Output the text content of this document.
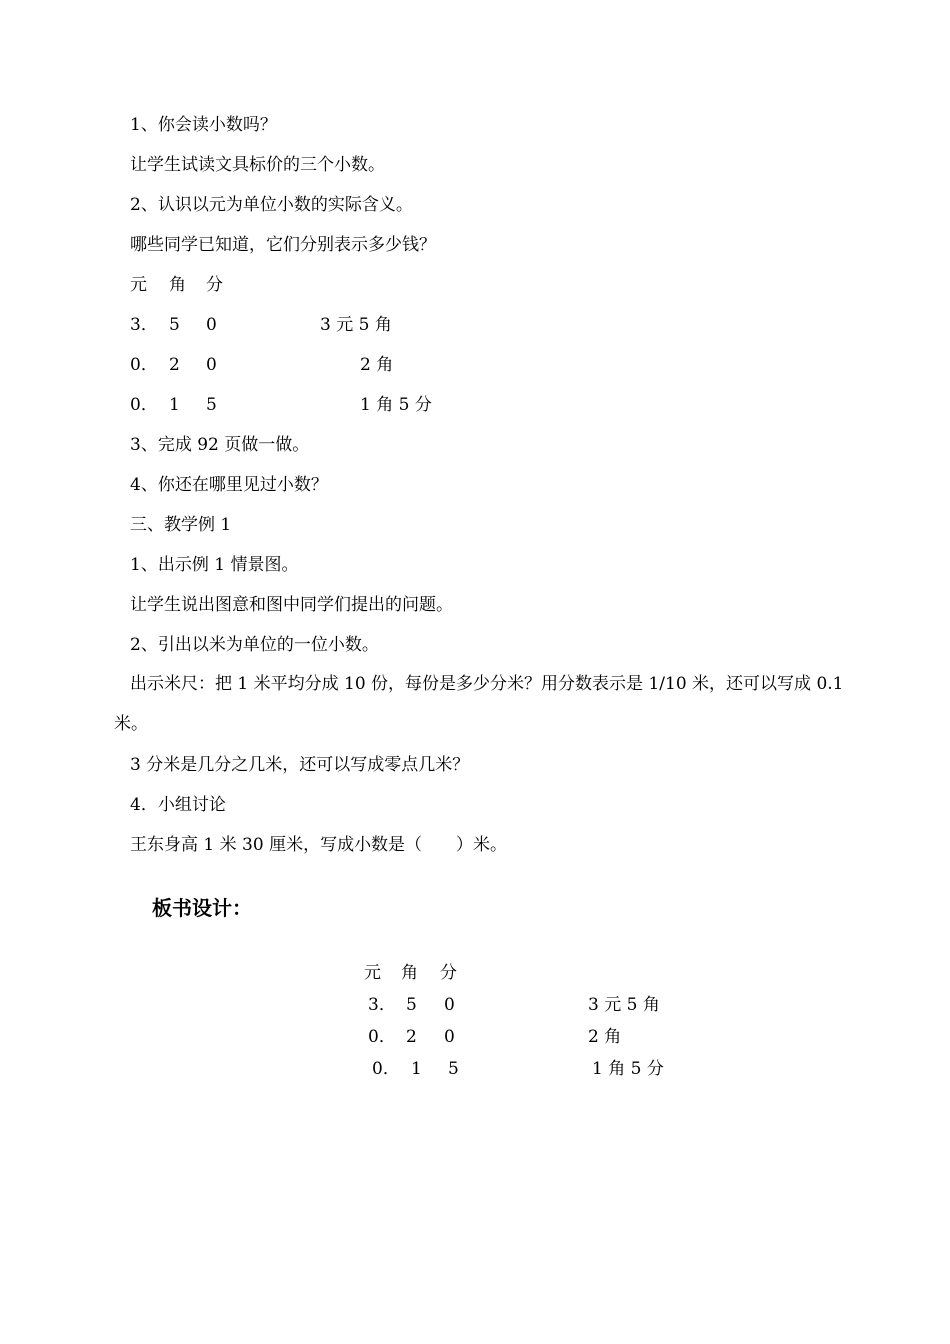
1、你会读小数吗？
让学生试读文具标价的三个小数。
2、认识以元为单位小数的实际含义。
哪些同学已知道，它们分别表示多少钱？
元 角 分
3． 5 0	3 元 5 角
0． 2 0	2 角
0． 1 5	1 角 5 分
3、完成 92 页做一做。
4、你还在哪里见过小数？
三、教学例 1
1、出示例 1 情景图。
让学生说出图意和图中同学们提出的问题。
2、引出以米为单位的一位小数。
出示米尺：把 1 米平均分成 10 份，每份是多少分米？用分数表示是 1/10 米，还可以写成 0.1 米。
3 分米是几分之几米，还可以写成零点几米？
4．小组讨论
王东身高 1 米 30 厘米，写成小数是（　　）米。
板书设计：
元 角 分
3． 5 0	3 元 5 角
0． 2 0	2 角
0． 1 5	1 角 5 分
